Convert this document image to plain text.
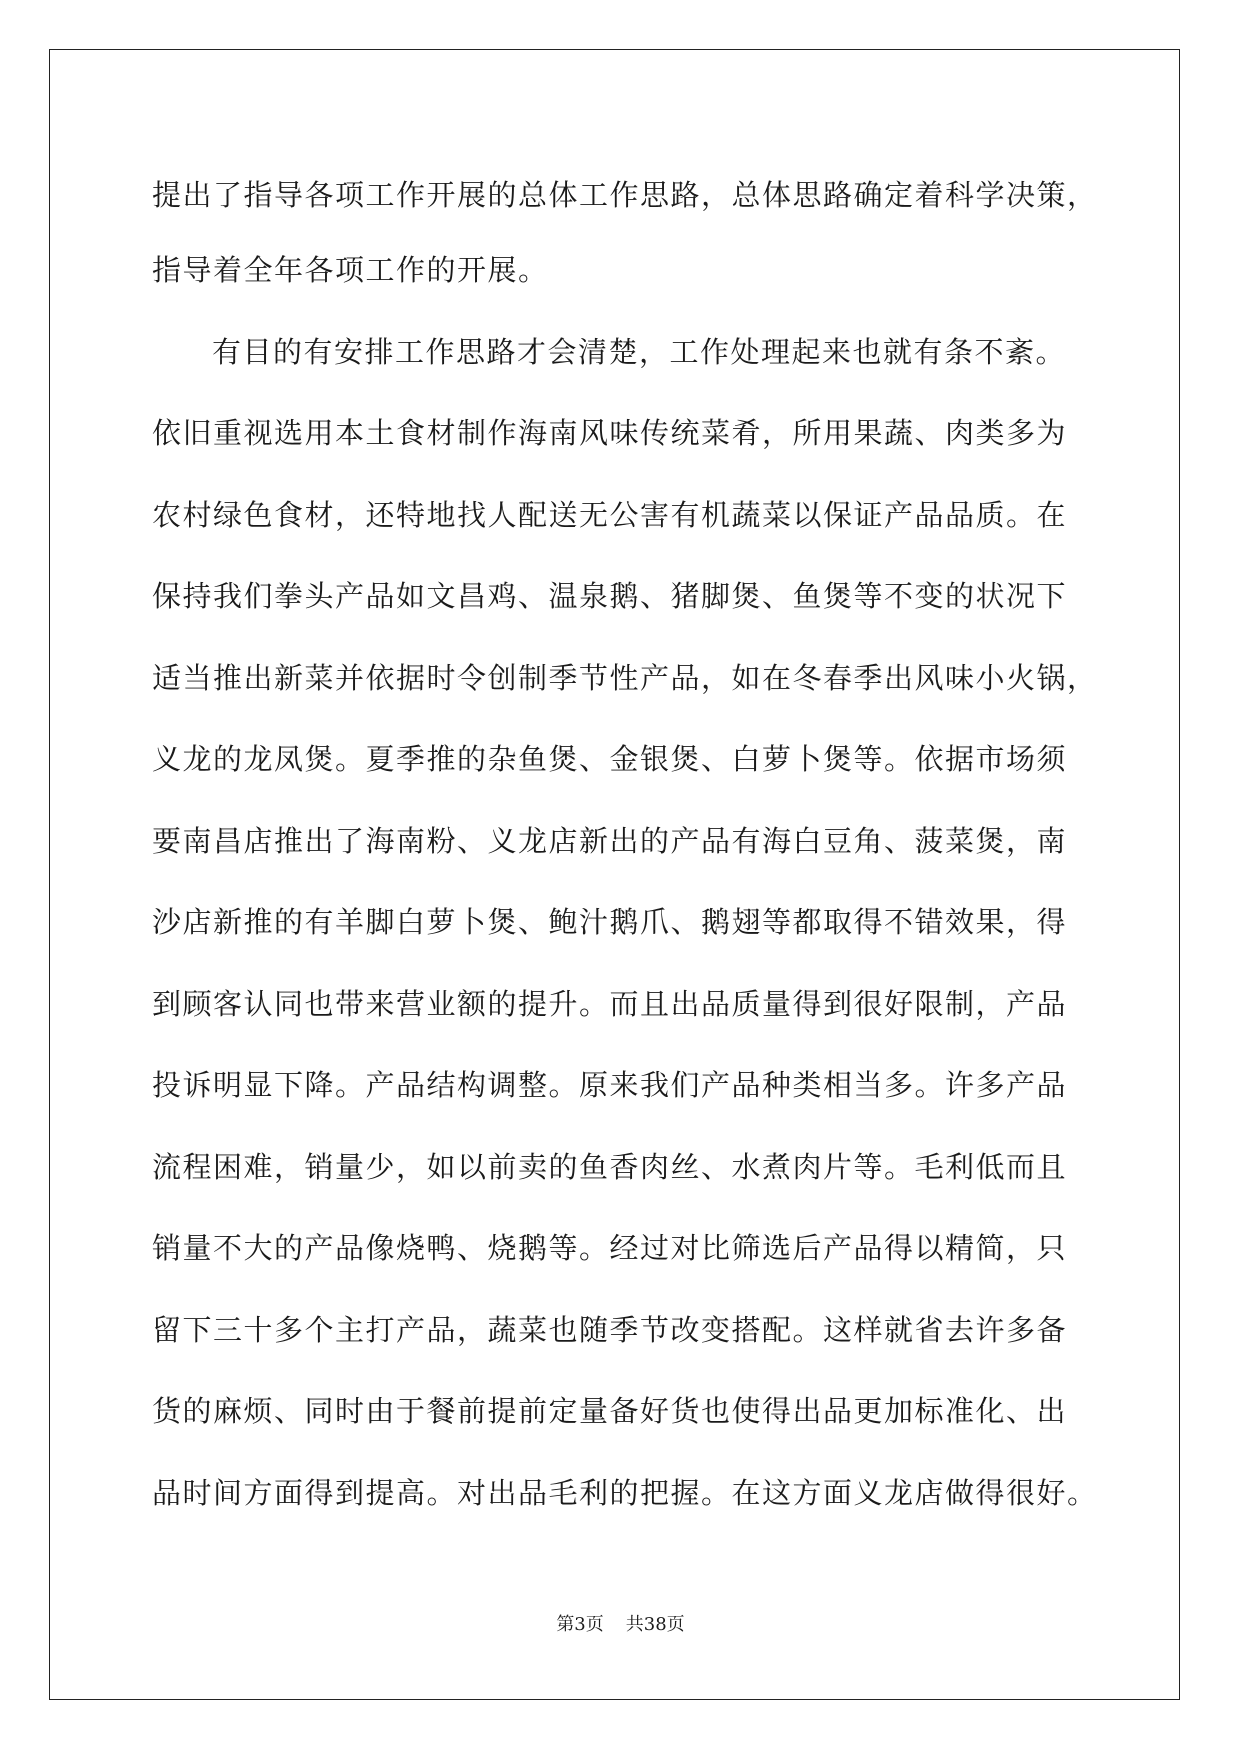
提出了指导各项工作开展的总体工作思路，总体思路确定着科学决策，
指导着全年各项工作的开展。
有目的有安排工作思路才会清楚，工作处理起来也就有条不紊。
依旧重视选用本土食材制作海南风味传统菜肴，所用果蔬、肉类多为
农村绿色食材，还特地找人配送无公害有机蔬菜以保证产品品质。在
保持我们拳头产品如文昌鸡、温泉鹅、猪脚煲、鱼煲等不变的状况下
适当推出新菜并依据时令创制季节性产品，如在冬春季出风味小火锅，
义龙的龙凤煲。夏季推的杂鱼煲、金银煲、白萝卜煲等。依据市场须
要南昌店推出了海南粉、义龙店新出的产品有海白豆角、菠菜煲，南
沙店新推的有羊脚白萝卜煲、鲍汁鹅爪、鹅翅等都取得不错效果，得
到顾客认同也带来营业额的提升。而且出品质量得到很好限制，产品
投诉明显下降。产品结构调整。原来我们产品种类相当多。许多产品
流程困难，销量少，如以前卖的鱼香肉丝、水煮肉片等。毛利低而且
销量不大的产品像烧鸭、烧鹅等。经过对比筛选后产品得以精简，只
留下三十多个主打产品，蔬菜也随季节改变搭配。这样就省去许多备
货的麻烦、同时由于餐前提前定量备好货也使得出品更加标准化、出
品时间方面得到提高。对出品毛利的把握。在这方面义龙店做得很好。
第3页 共38页
